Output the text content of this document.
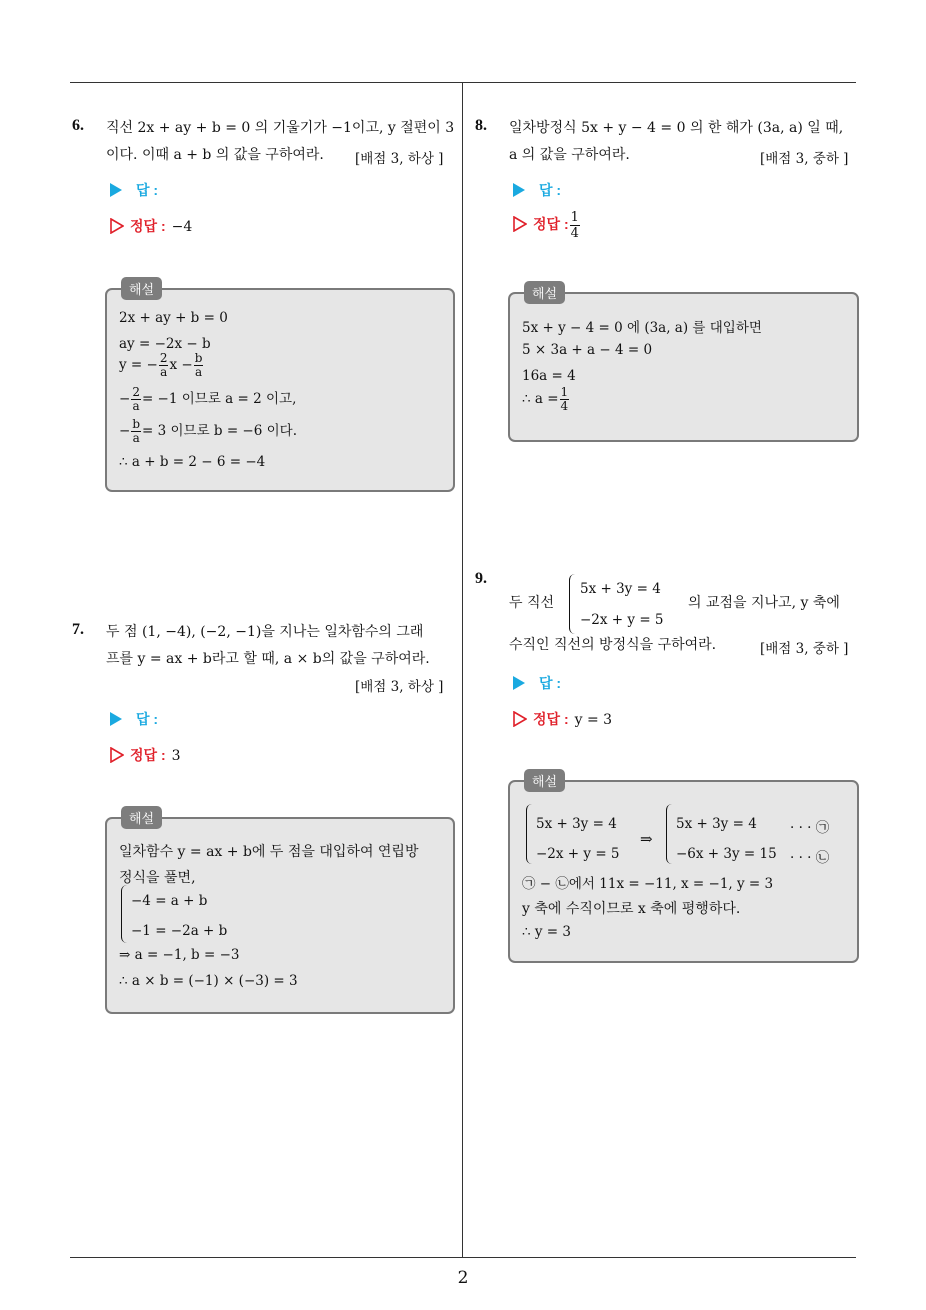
2
6. 직선 2x + ay + b = 0 의 기울기가 −1이고, y 절편이 3
이다. 이때 a + b 의 값을 구하여라. [배점 3, 하상 ]
답 :
정답 : −4
해설
2x + ay + b = 0
ay = −2x − b
y = − $\frac{2}{a}$ $x - \frac{b}{a}$
− $\frac{2}{a} = -1$ 이므로 a = 2 이고,
− $\frac{b}{a} = 3$ 이므로 b = −6 이다.
∴ a + b = 2 − 6 = −4
7. 두 점 (1, −4), (−2, −1)을 지나는 일차함수의 그래
프를 y = ax + b라고 할 때, a × b의 값을 구하여라.
[배점 3, 하상 ]
답 :
정답 : 3
해설
일차함수 y = ax + b에 두 점을 대입하여 연립방
정식을 풀면,
−4 = a + b
−1 = −2a + b
⇒ a = −1, b = −3
∴ a × b = (−1) × (−3) = 3
8. 일차방정식 5x + y − 4 = 0 의 한 해가 (3a, a) 일 때,
a 의 값을 구하여라.	[배점 3, 중하 ]
답 :
정답 : $\frac{1}{4}$
해설
5x + y − 4 = 0 에 (3a, a) 를 대입하면
5 × 3a + a − 4 = 0
16a = 4
∴ $a = \frac{1}{4}$
9.
두 직선
5x + 3y = 4
−2x + y = 5
의 교점을 지나고, y 축에
수직인 직선의 방정식을 구하여라.	[배점 3, 중하 ]
답 :
정답 : y = 3
해설
5x + 3y = 4
−2x + y = 5
⇒
5x + 3y = 4
−6x + 3y = 15
· · · ㉠
· · · ㉡
㉠ − ㉡에서 11x = −11, x = −1, y = 3
y 축에 수직이므로 x 축에 평행하다.
∴ y = 3
